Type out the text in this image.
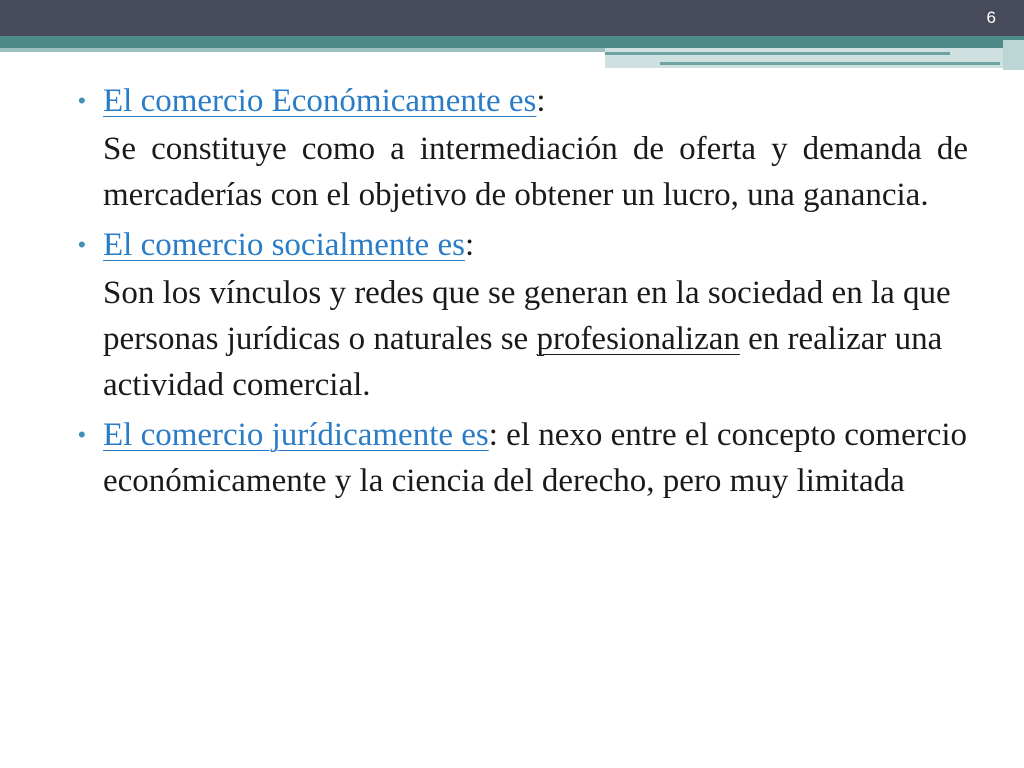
6
• El comercio Económicamente es:

Se constituye como a intermediación de oferta y demanda de mercaderías con el objetivo de obtener un lucro, una ganancia.

• El comercio socialmente es:

Son los vínculos y redes que se generan en la sociedad en la que personas jurídicas o naturales se profesionalizan en realizar una actividad comercial.

• El comercio jurídicamente es: el nexo entre el concepto comercio económicamente y la ciencia del derecho, pero muy limitada
